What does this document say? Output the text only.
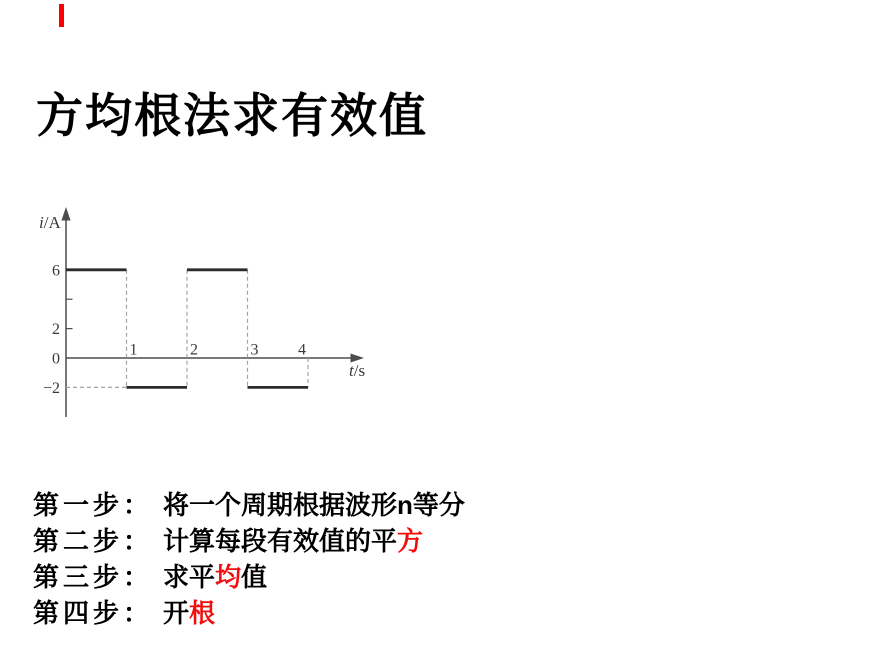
方均根法求有效值
i/A
t/s
6
2
0
−2
1	2	3 4
第一步： 将一个周期根据波形n等分
第二步： 计算每段有效值的平方
第三步： 求平均值
第四步： 开根
